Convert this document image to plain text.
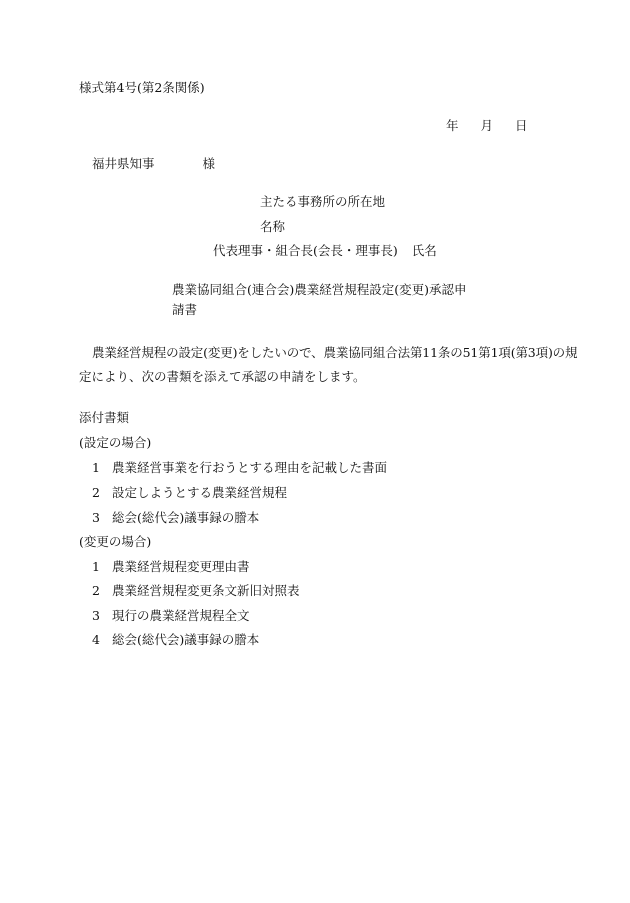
様式第4号(第2条関係)
年 月 日
福井県知事	様
主たる事務所の所在地
名称
代表理事・組合長(会長・理事長) 氏名
農業協同組合(連合会)農業経営規程設定(変更)承認申
請書
農業経営規程の設定(変更)をしたいので、農業協同組合法第11条の51第1項(第3項)の規
定により、次の書類を添えて承認の申請をします。
添付書類
(設定の場合)
1 農業経営事業を行おうとする理由を記載した書面
2 設定しようとする農業経営規程
3 総会(総代会)議事録の謄本
(変更の場合)
1 農業経営規程変更理由書
2 農業経営規程変更条文新旧対照表
3 現行の農業経営規程全文
4 総会(総代会)議事録の謄本
